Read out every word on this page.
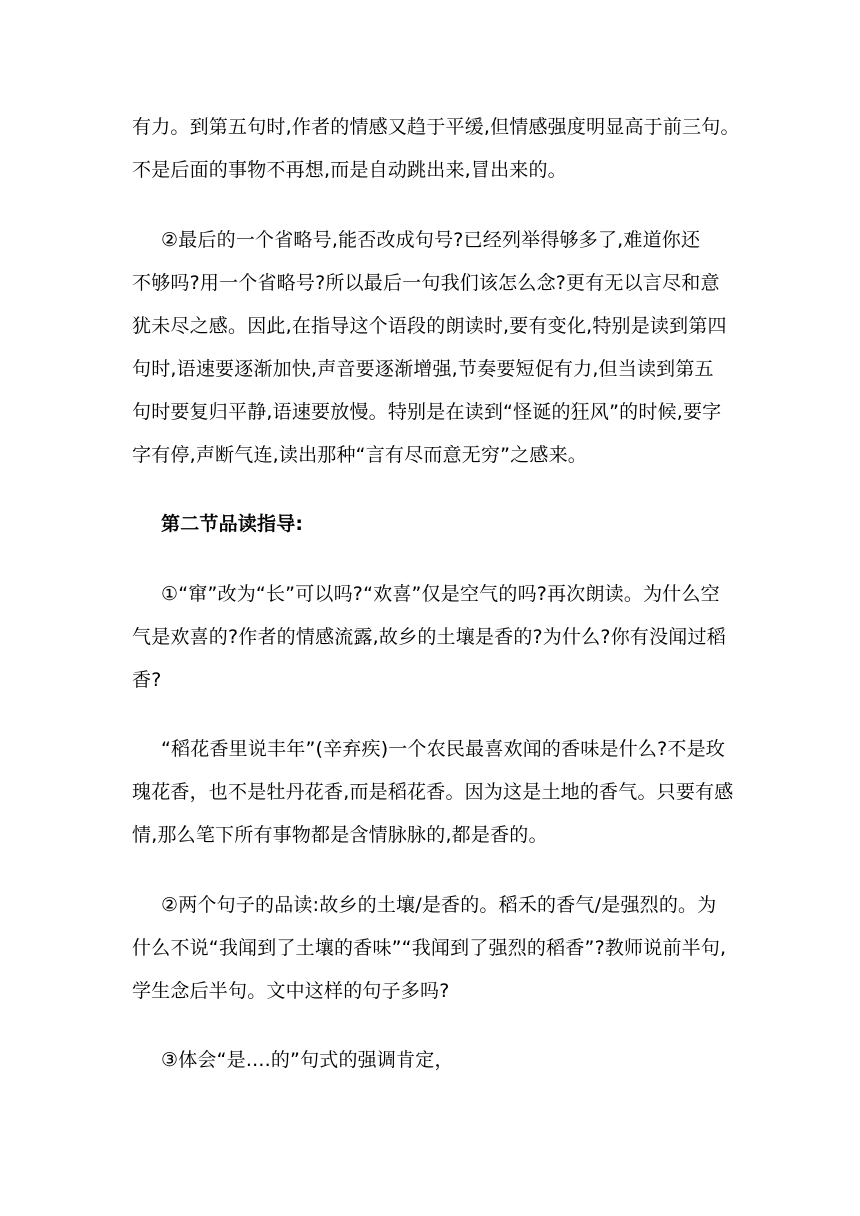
有力。到第五句时,作者的情感又趋于平缓,但情感强度明显高于前三句。
不是后面的事物不再想,而是自动跳出来,冒出来的。
②最后的一个省略号,能否改成句号?已经列举得够多了,难道你还
不够吗?用一个省略号?所以最后一句我们该怎么念?更有无以言尽和意
犹未尽之感。因此,在指导这个语段的朗读时,要有变化,特别是读到第四
句时,语速要逐渐加快,声音要逐渐增强,节奏要短促有力,但当读到第五
句时要复归平静,语速要放慢。特别是在读到“怪诞的狂风”的时候,要字
字有停,声断气连,读出那种“言有尽而意无穷”之感来。
第二节品读指导:
①“窜”改为“长”可以吗?“欢喜”仅是空气的吗?再次朗读。为什么空
气是欢喜的?作者的情感流露,故乡的土壤是香的?为什么?你有没闻过稻
香?
“稻花香里说丰年”(辛弃疾)一个农民最喜欢闻的香味是什么?不是玫
瑰花香，也不是牡丹花香,而是稻花香。因为这是土地的香气。只要有感
情,那么笔下所有事物都是含情脉脉的,都是香的。
②两个句子的品读:故乡的土壤/是香的。稻禾的香气/是强烈的。为
什么不说“我闻到了土壤的香味”“我闻到了强烈的稻香”?教师说前半句,
学生念后半句。文中这样的句子多吗?
③体会“是....的”句式的强调肯定，
